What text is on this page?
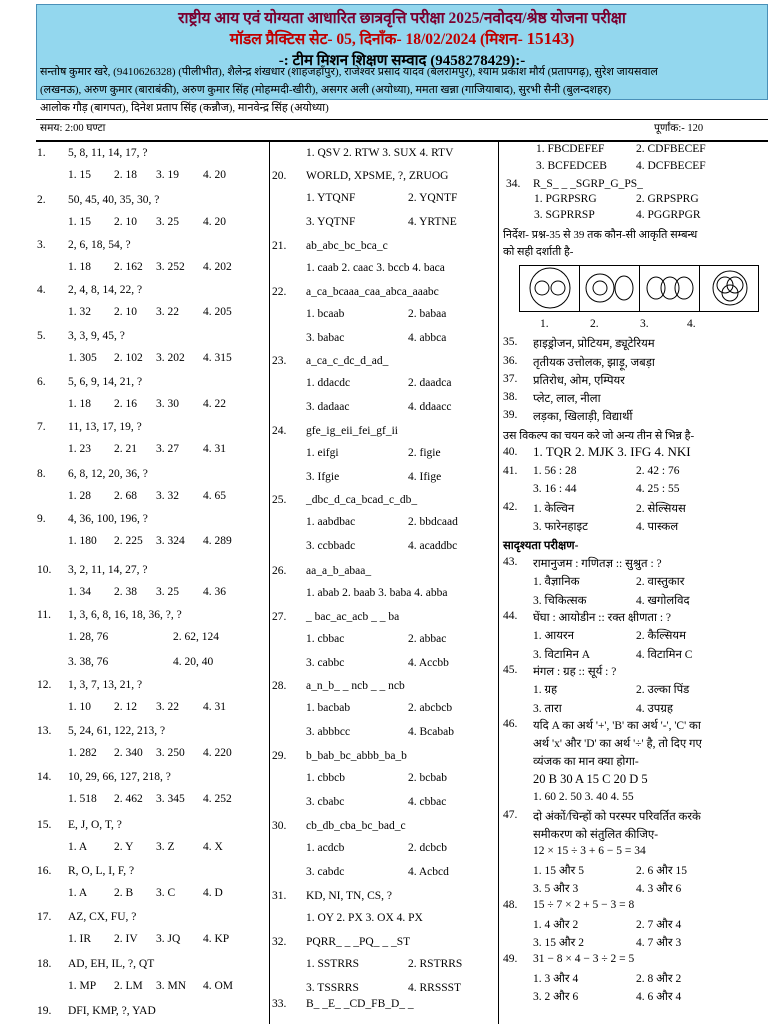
राष्ट्रीय आय एवं योग्यता आधारित छात्रवृत्ति परीक्षा 2025/नवोदय/श्रेष्ठ योजना परीक्षा
मॉडल प्रैक्टिस सेट- 05, दिनाँक- 18/02/2024 (मिशन- 15143)
-: टीम मिशन शिक्षण सम्वाद (9458278429):-
सन्तोष कुमार खरे, (9410626328) (पीलीभीत), शैलेन्द्र शंखधार (शाहजहाँपुर), राजेश्वर प्रसाद यादव (बलरामपुर), श्याम प्रकाश मौर्य (प्रतापगढ़), सुरेश जायसवाल
(लखनऊ), अरुण कुमार (बाराबंकी), अरुण कुमार सिंह (मोहम्मदी-खीरी), असगर अली (अयोध्या), ममता खन्ना (गाजियाबाद), सुरभी सैनी (बुलन्दशहर)
आलोक गौड़ (बागपत), दिनेश प्रताप सिंह (कन्नौज), मानवेन्द्र सिंह (अयोध्या)
समय: 2:00 घण्टा	पूर्णांक:- 120
1. 5, 8, 11, 14, 17, ?
1. 15 2. 18 3. 19 4. 20
2. 50, 45, 40, 35, 30, ?
1. 15 2. 10 3. 25 4. 20
3. 2, 6, 18, 54, ?
1. 18 2. 162 3. 252 4. 202
4. 2, 4, 8, 14, 22, ?
1. 32 2. 10 3. 22 4. 205
5. 3, 3, 9, 45, ?
1. 305 2. 102 3. 202 4. 315
6. 5, 6, 9, 14, 21, ?
1. 18 2. 16 3. 30 4. 22
7. 11, 13, 17, 19, ?
1. 23 2. 21 3. 27 4. 31
8. 6, 8, 12, 20, 36, ?
1. 28 2. 68 3. 32 4. 65
9. 4, 36, 100, 196, ?
1. 180 2. 225 3. 324 4. 289
10. 3, 2, 11, 14, 27, ?
1. 34 2. 38 3. 25 4. 36
11. 1, 3, 6, 8, 16, 18, 36, ?, ?
1. 28, 76	2. 62, 124
3. 38, 76	4. 20, 40
12. 1, 3, 7, 13, 21, ?
1. 10 2. 12 3. 22 4. 31
13. 5, 24, 61, 122, 213, ?
1. 282 2. 340 3. 250 4. 220
14. 10, 29, 66, 127, 218, ?
1. 518 2. 462 3. 345 4. 252
15. E, J, O, T, ?
1. A 2. Y 3. Z 4. X
16. R, O, L, I, F, ?
1. A 2. B 3. C 4. D
17. AZ, CX, FU, ?
1. IR 2. IV 3. JQ 4. KP
18. AD, EH, IL, ?, QT
1. MP 2. LM 3. MN 4. OM
19. DFI, KMP, ?, YAD
1. QSV 2. RTW 3. SUX 4. RTV
20. WORLD, XPSME, ?, ZRUOG
1. YTQNF	2. YQNTF
3. YQTNF	4. YRTNE
21. ab_abc_bc_bca_c
1. caab 2. caac 3. bccb 4. baca
22. a_ca_bcaaa_caa_abca_aaabc
1. bcaab	2. babaa
3. babac	4. abbca
23. a_ca_c_dc_d_ad_
1. ddacdc	2. daadca
3. dadaac	4. ddaacc
24. gfe_ig_eii_fei_gf_ii
1. eifgi	2. figie
3. Ifgie	4. Ifige
25. _dbc_d_ca_bcad_c_db_
1. aabdbac	2. bbdcaad
3. ccbbadc	4. acaddbc
26. aa_a_b_abaa_
1. abab 2. baab 3. baba 4. abba
27. _ bac_ac_acb _ _ ba
1. cbbac	2. abbac
3. cabbc	4. Accbb
28. a_n_b_ _ ncb _ _ ncb
1. bacbab	2. abcbcb
3. abbbcc	4. Bcabab
29. b_bab_bc_abbb_ba_b
1. cbbcb	2. bcbab
3. cbabc	4. cbbac
30. cb_db_cba_bc_bad_c
1. acdcb	2. dcbcb
3. cabdc	4. Acbcd
31. KD, NI, TN, CS, ?
1. OY 2. PX 3. OX 4. PX
32. PQRR_ _ _PQ_ _ _ST
1. SSTRRS	2. RSTRRS
3. TSSRRS	4. RRSSST
33. B_ _E_ _CD_FB_D_ _
1. FBCDEFEF	2. CDFBECEF
3. BCFEDCEB	4. DCFBECEF
34. R_S_ _ _SGRP_G_PS_
1. PGRPSRG	2. GRPSPRG
3. SGPRRSP	4. PGGRPGR
निर्देश- प्रश्न-35 से 39 तक कौन-सी आकृति सम्बन्ध
को सही दर्शाती है-
1.	2.	3.	4.
35. हाइड्रोजन, प्रोटियम, ड्यूटेरियम
36. तृतीयक उत्तोलक, झाड़ू, जबड़ा
37. प्रतिरोध, ओम, एम्पियर
38. प्लेट, लाल, नीला
39. लड़का, खिलाड़ी, विद्यार्थी
उस विकल्प का चयन करे जो अन्य तीन से भिन्न है-
40. 1. TQR 2. MJK 3. IFG 4. NKI
41. 1. 56 : 28	2. 42 : 76
3. 16 : 44	4. 25 : 55
42. 1. केल्विन	2. सेल्सियस
3. फारेनहाइट	4. पास्कल
सादृश्यता परीक्षण-
43. रामानुजम : गणितज्ञ :: सुश्रुत : ?
1. वैज्ञानिक	2. वास्तुकार
3. चिकित्सक	4. खगोलविद
44. घेंघा : आयोडीन :: रक्त क्षीणता : ?
1. आयरन	2. कैल्सियम
3. विटामिन A	4. विटामिन C
45. मंगल : ग्रह :: सूर्य : ?
1. ग्रह	2. उल्का पिंड
3. तारा	4. उपग्रह
46. यदि A का अर्थ '+', 'B' का अर्थ '-', 'C' का
अर्थ 'x' और 'D' का अर्थ '÷' है, तो दिए गए
व्यंजक का मान क्या होगा-
20 B 30 A 15 C 20 D 5
1. 60 2. 50 3. 40 4. 55
47. दो अंकों/चिन्हों को परस्पर परिवर्तित करके
समीकरण को संतुलित कीजिए-
12 × 15 ÷ 3 + 6 − 5 = 34
1. 15 और 5	2. 6 और 15
3. 5 और 3	4. 3 और 6
48. 15 ÷ 7 × 2 + 5 − 3 = 8
1. 4 और 2	2. 7 और 4
3. 15 और 2	4. 7 और 3
49. 31 − 8 × 4 − 3 ÷ 2 = 5
1. 3 और 4	2. 8 और 2
3. 2 और 6	4. 6 और 4
